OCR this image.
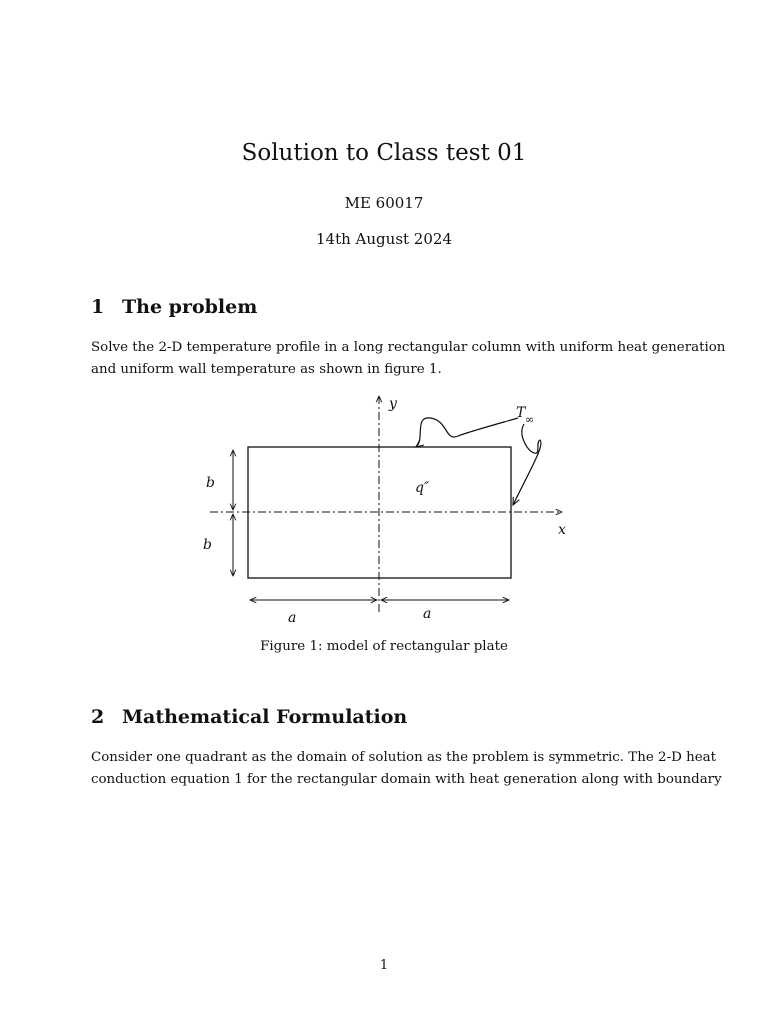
Solution to Class test 01
ME 60017
14th August 2024
1 The problem
Solve the 2-D temperature profile in a long rectangular column with uniform heat generation
and uniform wall temperature as shown in figure 1.
y
x
T ∞
q″
b
b
a	a
Figure 1: model of rectangular plate
2 Mathematical Formulation
Consider one quadrant as the domain of solution as the problem is symmetric. The 2-D heat
conduction equation 1 for the rectangular domain with heat generation along with boundary
1
